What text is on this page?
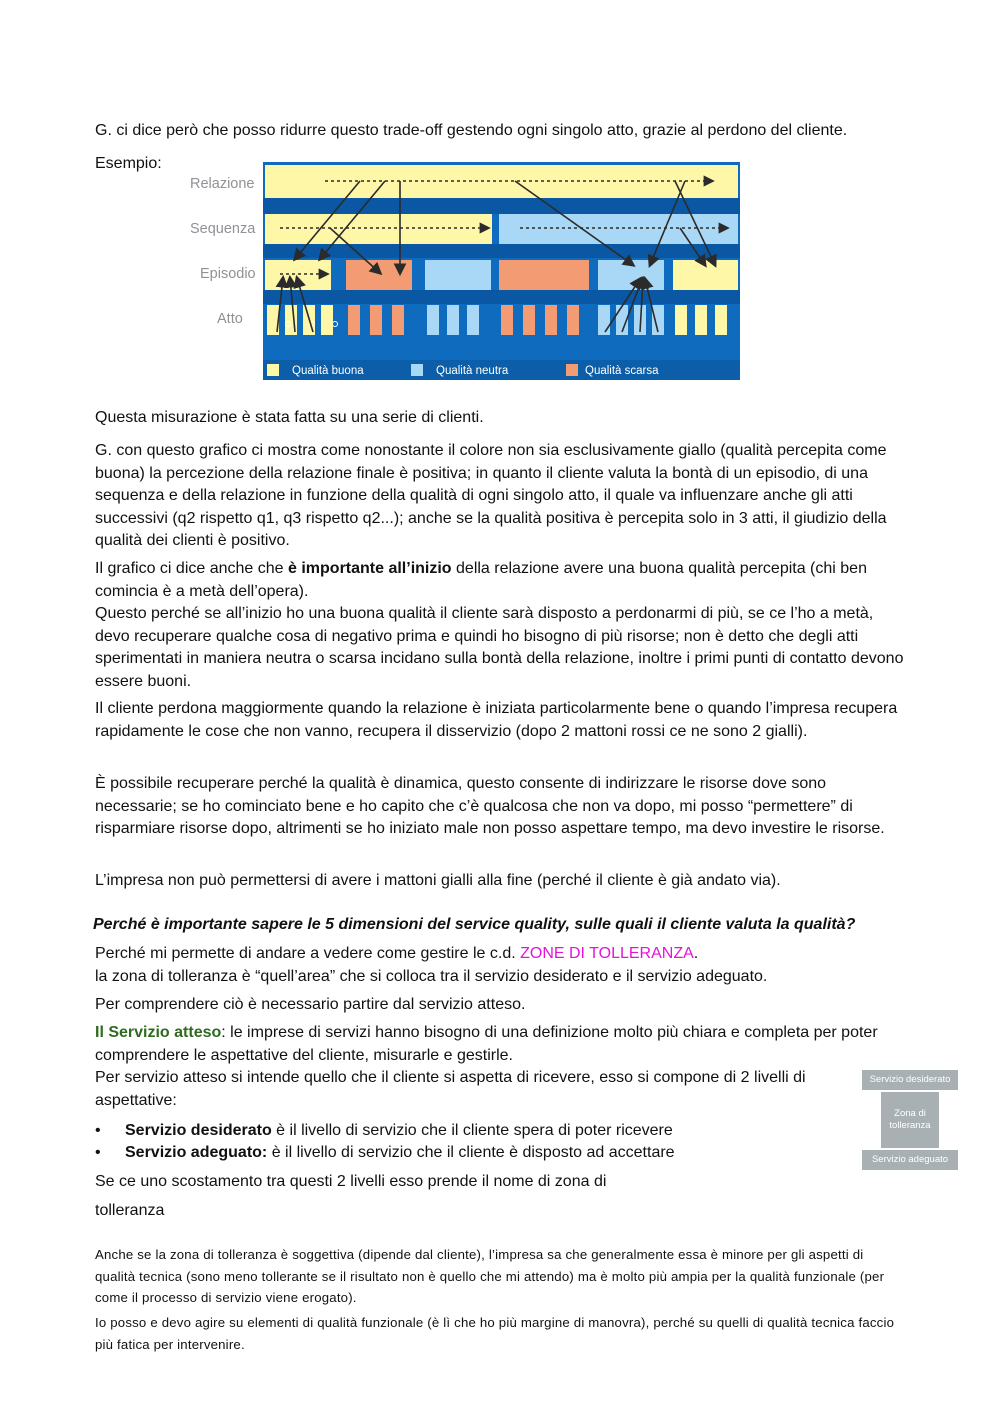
G. ci dice però che posso ridurre questo trade-off gestendo ogni singolo atto, grazie al perdono del cliente.

Esempio:

Relazione
Sequenza
Episodio
Atto
Qualità buona	Qualità neutra	Qualità scarsa

Questa misurazione è stata fatta su una serie di clienti.

G. con questo grafico ci mostra come nonostante il colore non sia esclusivamente giallo (qualità percepita come buona) la percezione della relazione finale è positiva; in quanto il cliente valuta la bontà di un episodio, di una sequenza e della relazione in funzione della qualità di ogni singolo atto, il quale va influenzare anche gli atti successivi (q2 rispetto q1, q3 rispetto q2...); anche se la qualità positiva è percepita solo in 3 atti, il giudizio della qualità dei clienti è positivo.

Il grafico ci dice anche che è importante all’inizio della relazione avere una buona qualità percepita (chi ben comincia è a metà dell’opera).
Questo perché se all’inizio ho una buona qualità il cliente sarà disposto a perdonarmi di più, se ce l’ho a metà, devo recuperare qualche cosa di negativo prima e quindi ho bisogno di più risorse; non è detto che degli atti sperimentati in maniera neutra o scarsa incidano sulla bontà della relazione, inoltre i primi punti di contatto devono essere buoni.

Il cliente perdona maggiormente quando la relazione è iniziata particolarmente bene o quando l’impresa recupera rapidamente le cose che non vanno, recupera il disservizio (dopo 2 mattoni rossi ce ne sono 2 gialli).

È possibile recuperare perché la qualità è dinamica, questo consente di indirizzare le risorse dove sono necessarie; se ho cominciato bene e ho capito che c’è qualcosa che non va dopo, mi posso “permettere” di risparmiare risorse dopo, altrimenti se ho iniziato male non posso aspettare tempo, ma devo investire le risorse.

L’impresa non può permettersi di avere i mattoni gialli alla fine (perché il cliente è già andato via).

Perché è importante sapere le 5 dimensioni del service quality, sulle quali il cliente valuta la qualità?

Perché mi permette di andare a vedere come gestire le c.d. ZONE DI TOLLERANZA.
la zona di tolleranza è “quell’area” che si colloca tra il servizio desiderato e il servizio adeguato.

Per comprendere ciò è necessario partire dal servizio atteso.

Il Servizio atteso: le imprese di servizi hanno bisogno di una definizione molto più chiara e completa per poter comprendere le aspettative del cliente, misurarle e gestirle.
Per servizio atteso si intende quello che il cliente si aspetta di ricevere, esso si compone di 2 livelli di aspettative:

• Servizio desiderato è il livello di servizio che il cliente spera di poter ricevere
• Servizio adeguato: è il livello di servizio che il cliente è disposto ad accettare

Se ce uno scostamento tra questi 2 livelli esso prende il nome di zona di

tolleranza

Servizio desiderato
Zona di tolleranza
Servizio adeguato

Anche se la zona di tolleranza è soggettiva (dipende dal cliente), l’impresa sa che generalmente essa è minore per gli aspetti di qualità tecnica (sono meno tollerante se il risultato non è quello che mi attendo) ma è molto più ampia per la qualità funzionale (per come il processo di servizio viene erogato).

Io posso e devo agire su elementi di qualità funzionale (è lì che ho più margine di manovra), perché su quelli di qualità tecnica faccio più fatica per intervenire.
